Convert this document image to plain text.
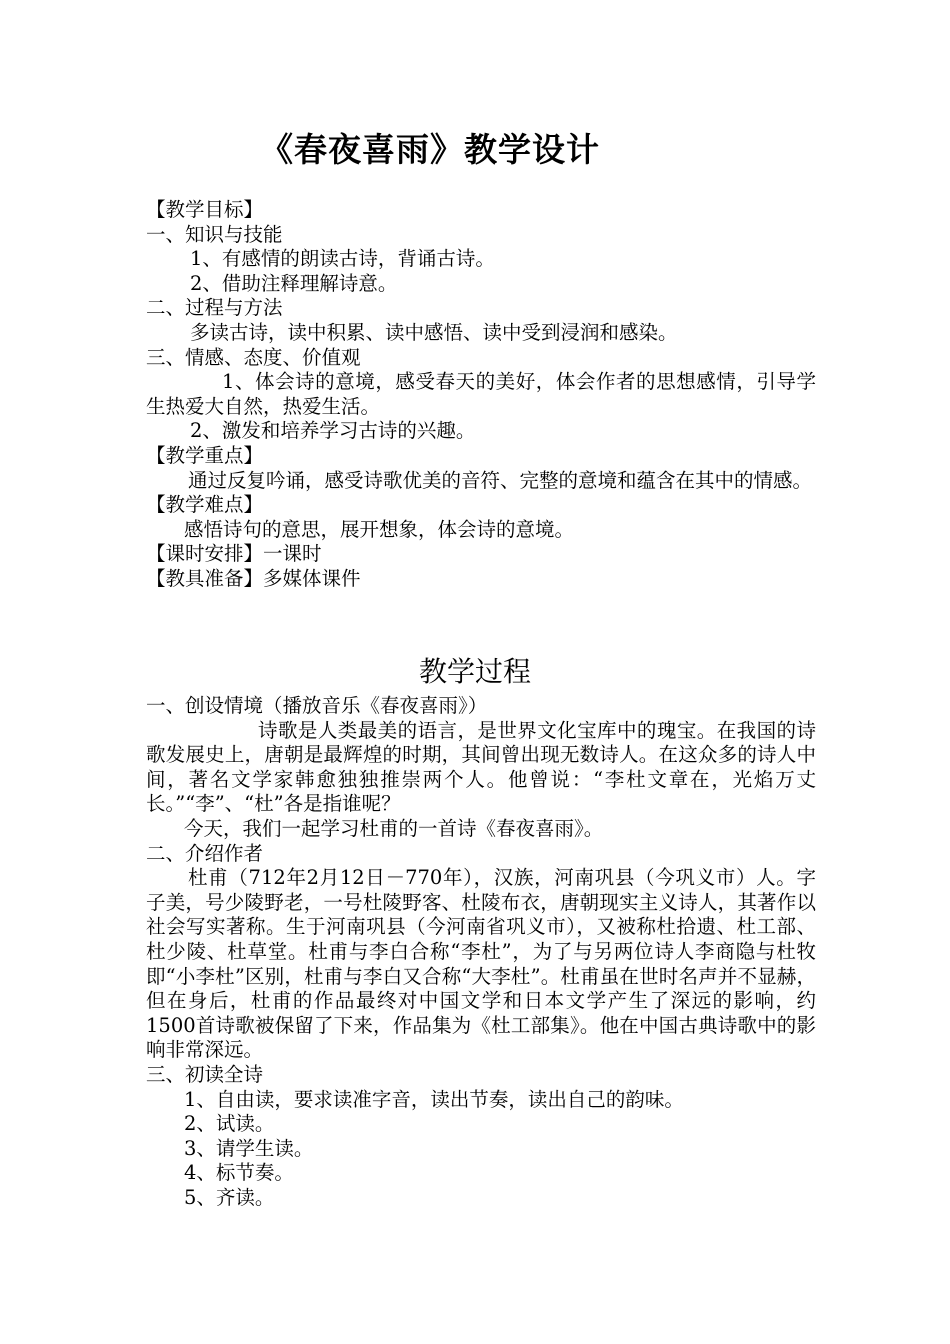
《春夜喜雨》教学设计

【教学目标】

一、知识与技能

1、有感情的朗读古诗，背诵古诗。

2、借助注释理解诗意。

二、过程与方法

多读古诗，读中积累、读中感悟、读中受到浸润和感染。

三、情感、态度、价值观

1、体会诗的意境，感受春天的美好，体会作者的思想感情，引导学生热爱大自然，热爱生活。

2、激发和培养学习古诗的兴趣。

【教学重点】

通过反复吟诵，感受诗歌优美的音符、完整的意境和蕴含在其中的情感。

【教学难点】

感悟诗句的意思，展开想象，体会诗的意境。

【课时安排】一课时

【教具准备】多媒体课件

教学过程

一、创设情境（播放音乐《春夜喜雨》）

诗歌是人类最美的语言，是世界文化宝库中的瑰宝。在我国的诗歌发展史上，唐朝是最辉煌的时期，其间曾出现无数诗人。在这众多的诗人中间，著名文学家韩愈独独推崇两个人。他曾说：“李杜文章在，光焰万丈长。”“李”、“杜”各是指谁呢？

今天，我们一起学习杜甫的一首诗《春夜喜雨》。

二、介绍作者

杜甫（712年2月12日－770年），汉族，河南巩县（今巩义市）人。字子美，号少陵野老，一号杜陵野客、杜陵布衣，唐朝现实主义诗人，其著作以社会写实著称。生于河南巩县（今河南省巩义市），又被称杜拾遗、杜工部、杜少陵、杜草堂。杜甫与李白合称“李杜”，为了与另两位诗人李商隐与杜牧即“小李杜”区别，杜甫与李白又合称“大李杜”。杜甫虽在世时名声并不显赫，但在身后，杜甫的作品最终对中国文学和日本文学产生了深远的影响，约1500首诗歌被保留了下来，作品集为《杜工部集》。他在中国古典诗歌中的影响非常深远。

三、初读全诗

1、自由读，要求读准字音，读出节奏，读出自己的韵味。

2、试读。

3、请学生读。

4、标节奏。

5、齐读。
